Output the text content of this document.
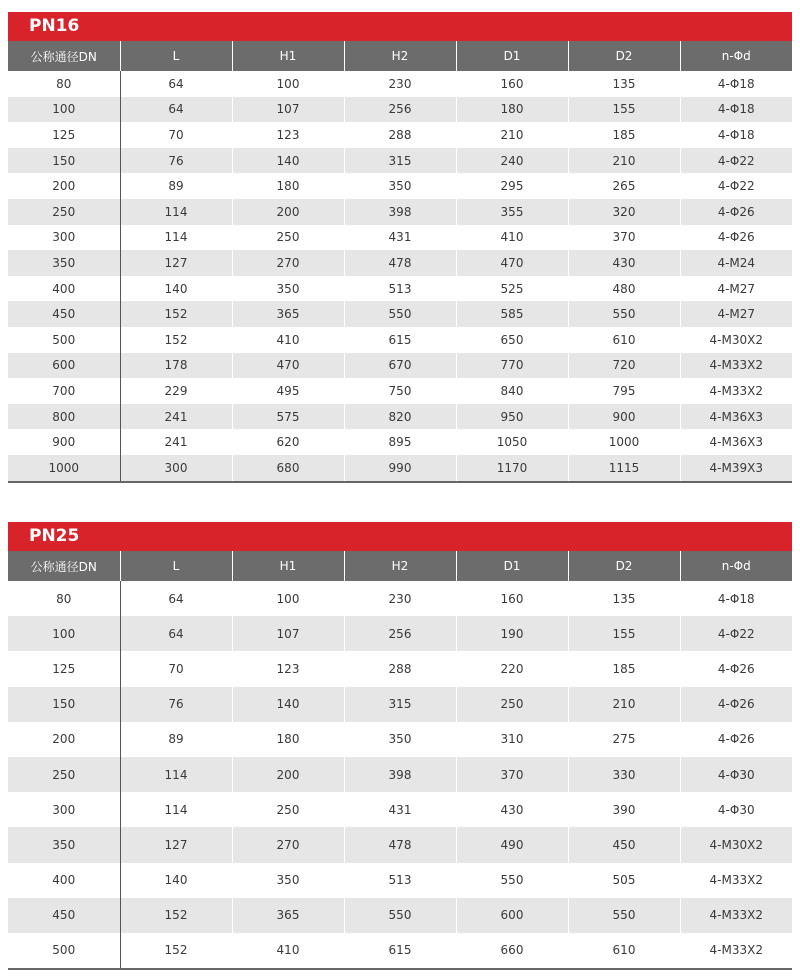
PN16
公称通径DN	L	H1	H2	D1	D2	n-Φd
80	64	100	230	160	135	4-Φ18
100	64	107	256	180	155	4-Φ18
125	70	123	288	210	185	4-Φ18
150	76	140	315	240	210	4-Φ22
200	89	180	350	295	265	4-Φ22
250	114	200	398	355	320	4-Φ26
300	114	250	431	410	370	4-Φ26
350	127	270	478	470	430	4-M24
400	140	350	513	525	480	4-M27
450	152	365	550	585	550	4-M27
500	152	410	615	650	610	4-M30X2
600	178	470	670	770	720	4-M33X2
700	229	495	750	840	795	4-M33X2
800	241	575	820	950	900	4-M36X3
900	241	620	895	1050	1000	4-M36X3
1000	300	680	990	1170	1115	4-M39X3
PN25
公称通径DN	L	H1	H2	D1	D2	n-Φd
80	64	100	230	160	135	4-Φ18
100	64	107	256	190	155	4-Φ22
125	70	123	288	220	185	4-Φ26
150	76	140	315	250	210	4-Φ26
200	89	180	350	310	275	4-Φ26
250	114	200	398	370	330	4-Φ30
300	114	250	431	430	390	4-Φ30
350	127	270	478	490	450	4-M30X2
400	140	350	513	550	505	4-M33X2
450	152	365	550	600	550	4-M33X2
500	152	410	615	660	610	4-M33X2
